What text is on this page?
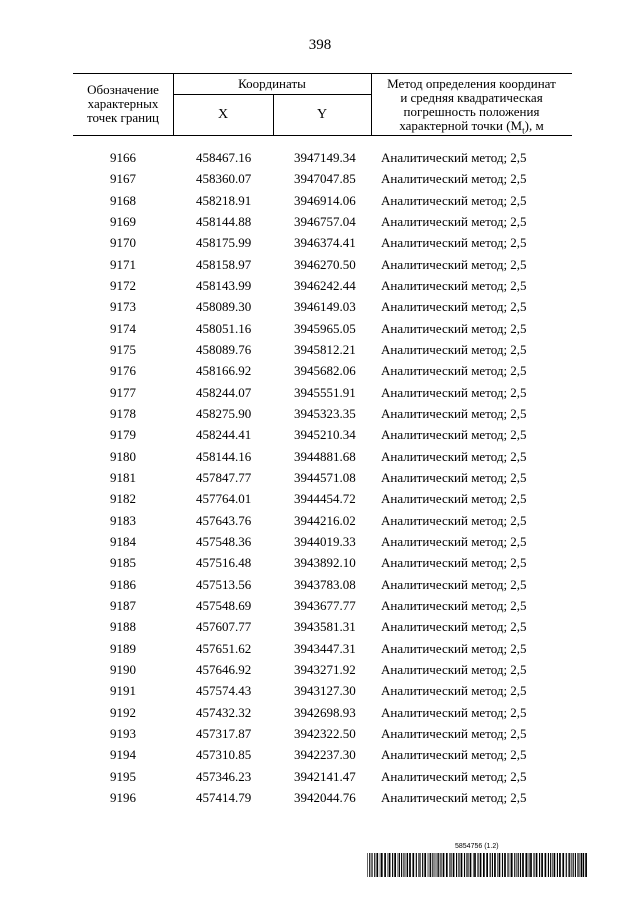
398
Обозначение характерных точек границ
Координаты
X	Y
Метод определения координат
и средняя квадратическая
погрешность положения
характерной точки $(M_t)$, м
9166	458467.16	3947149.34 Аналитический метод; 2,5
9167	458360.07	3947047.85 Аналитический метод; 2,5
9168	458218.91	3946914.06 Аналитический метод; 2,5
9169	458144.88	3946757.04 Аналитический метод; 2,5
9170	458175.99	3946374.41 Аналитический метод; 2,5
9171	458158.97	3946270.50 Аналитический метод; 2,5
9172	458143.99	3946242.44 Аналитический метод; 2,5
9173	458089.30	3946149.03 Аналитический метод; 2,5
9174	458051.16	3945965.05 Аналитический метод; 2,5
9175	458089.76	3945812.21 Аналитический метод; 2,5
9176	458166.92	3945682.06 Аналитический метод; 2,5
9177	458244.07	3945551.91 Аналитический метод; 2,5
9178	458275.90	3945323.35 Аналитический метод; 2,5
9179	458244.41	3945210.34 Аналитический метод; 2,5
9180	458144.16	3944881.68 Аналитический метод; 2,5
9181	457847.77	3944571.08 Аналитический метод; 2,5
9182	457764.01	3944454.72 Аналитический метод; 2,5
9183	457643.76	3944216.02 Аналитический метод; 2,5
9184	457548.36	3944019.33 Аналитический метод; 2,5
9185	457516.48	3943892.10 Аналитический метод; 2,5
9186	457513.56	3943783.08 Аналитический метод; 2,5
9187	457548.69	3943677.77 Аналитический метод; 2,5
9188	457607.77	3943581.31 Аналитический метод; 2,5
9189	457651.62	3943447.31 Аналитический метод; 2,5
9190	457646.92	3943271.92 Аналитический метод; 2,5
9191	457574.43	3943127.30 Аналитический метод; 2,5
9192	457432.32	3942698.93 Аналитический метод; 2,5
9193	457317.87	3942322.50 Аналитический метод; 2,5
9194	457310.85	3942237.30 Аналитический метод; 2,5
9195	457346.23	3942141.47 Аналитический метод; 2,5
9196	457414.79	3942044.76 Аналитический метод; 2,5
5854756 (1.2)
